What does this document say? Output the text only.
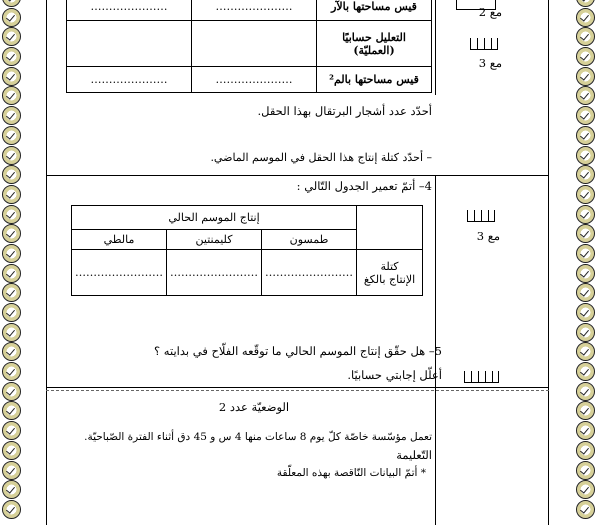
…………………	…………………	قيس مساحتها بالآر

		التعليل حسابيًا
(العمليّة)

…………………	…………………	قيس مساحتها بالم²
مع 2
مع 3
أحدّد عدد أشجار البرتقال بهذا الحقل.
– أحدّد كتلة إنتاج هذا الحقل في الموسم الماضي.
4– أتمّ تعمير الجدول التّالي :
إنتاج الموسم الحالي			
مالطي	كليمنتين	طمسون	
……………………	……………………	……………………	كتلة
الإنتاج بالكغ
مع 3
5– هل حقّق إنتاج الموسم الحالي ما توقّعه الفلّاح في بدايته ؟
أعلّل إجابتي حسابيًا.
الوضعيّة عدد 2
تعمل مؤسّسة خاصّة كلّ يوم 8 ساعات منها 4 س و 45 دق أثناء الفترة الصّباحيّة.
التّعليمة
* أتمّ البيانات النّاقصة بهذه المعلّقة
